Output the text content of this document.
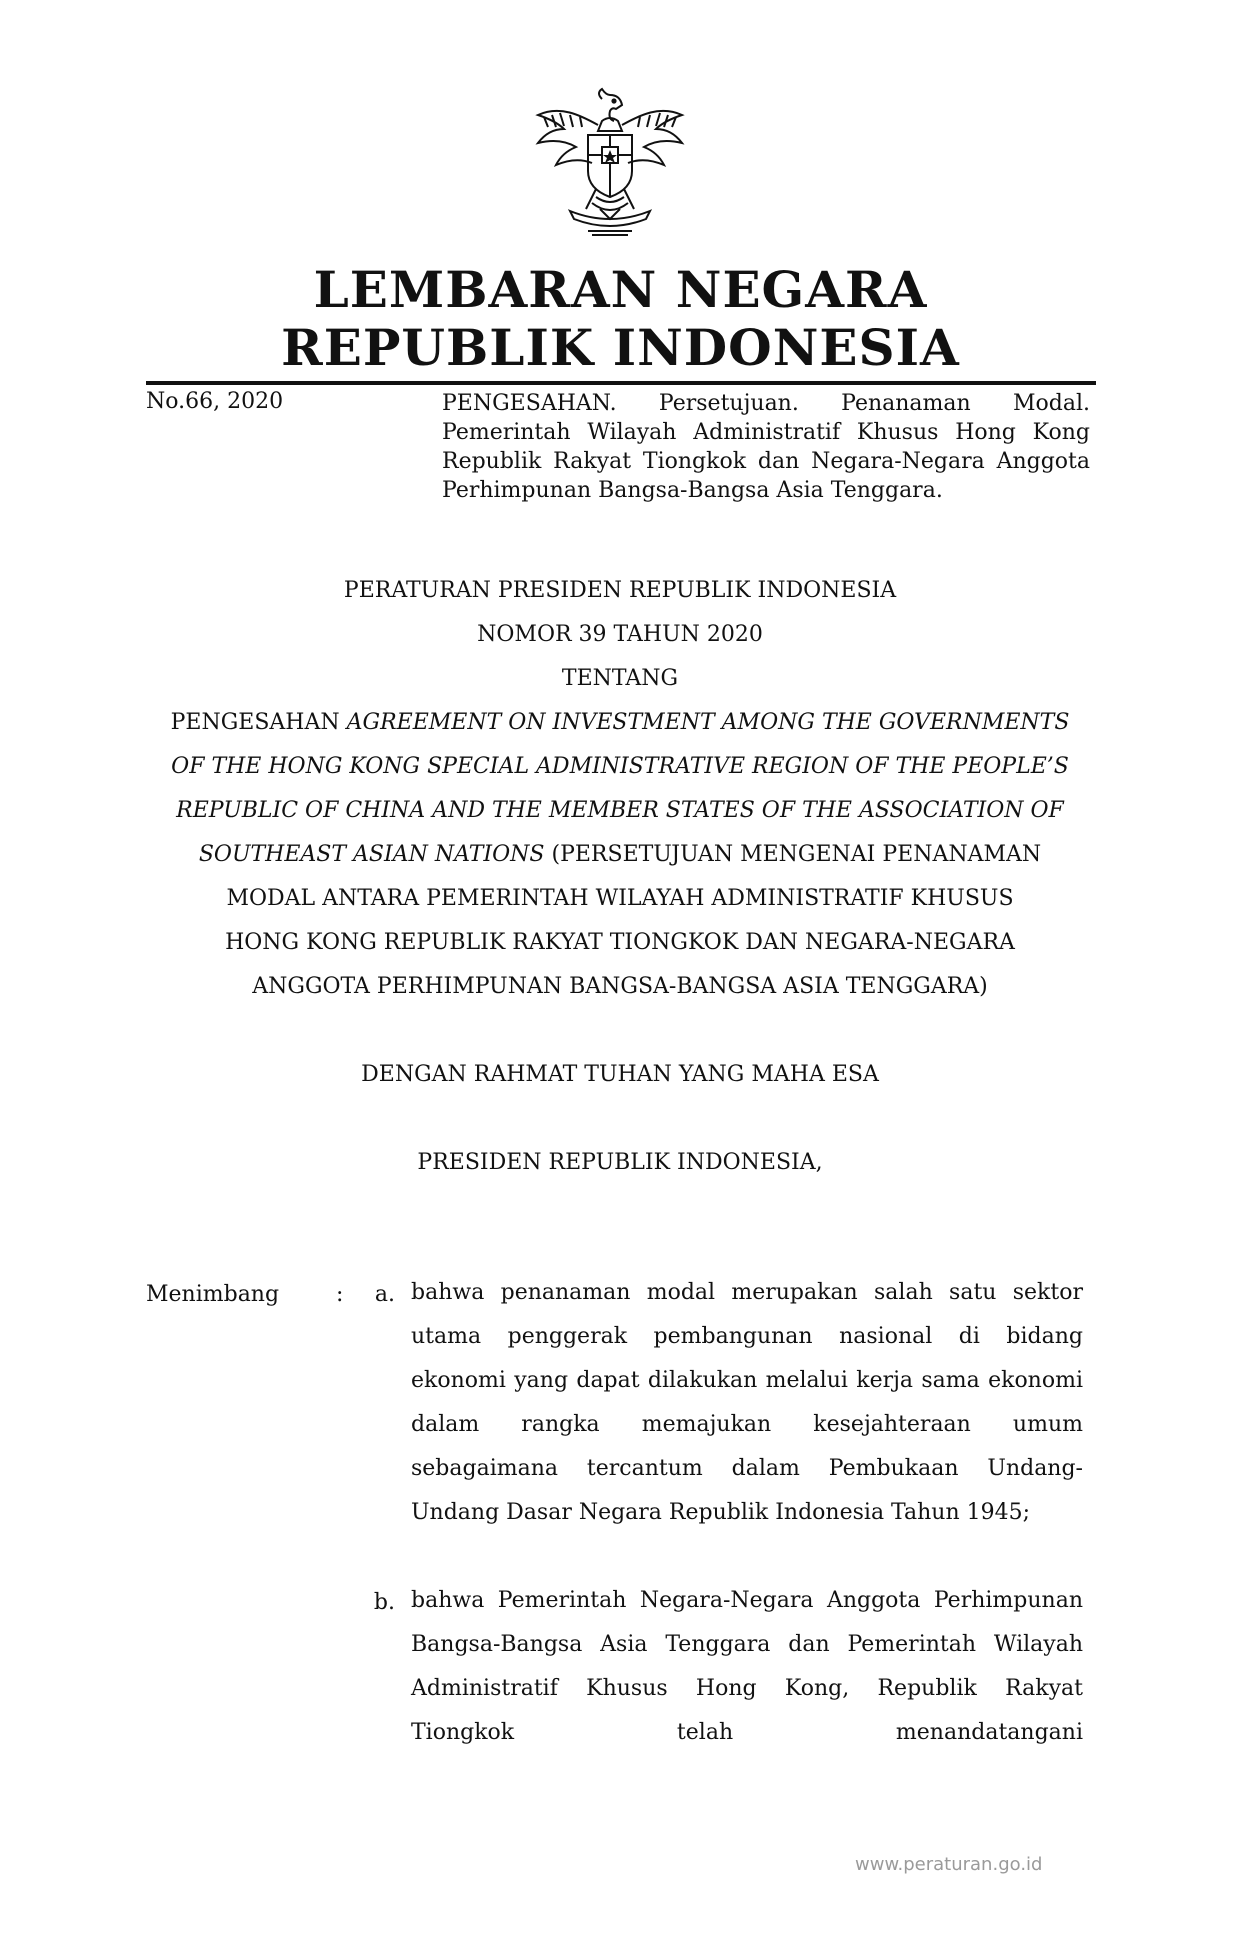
LEMBARAN NEGARA
REPUBLIK INDONESIA
No.66, 2020	PENGESAHAN. Persetujuan. Penanaman Modal. Pemerintah Wilayah Administratif Khusus Hong Kong Republik Rakyat Tiongkok dan Negara-Negara Anggota Perhimpunan Bangsa-Bangsa Asia Tenggara.
PERATURAN PRESIDEN REPUBLIK INDONESIA
NOMOR 39 TAHUN 2020
TENTANG
PENGESAHAN AGREEMENT ON INVESTMENT AMONG THE GOVERNMENTS
OF THE HONG KONG SPECIAL ADMINISTRATIVE REGION OF THE PEOPLE’S
REPUBLIC OF CHINA AND THE MEMBER STATES OF THE ASSOCIATION OF
SOUTHEAST ASIAN NATIONS (PERSETUJUAN MENGENAI PENANAMAN
MODAL ANTARA PEMERINTAH WILAYAH ADMINISTRATIF KHUSUS
HONG KONG REPUBLIK RAKYAT TIONGKOK DAN NEGARA-NEGARA
ANGGOTA PERHIMPUNAN BANGSA-BANGSA ASIA TENGGARA)
DENGAN RAHMAT TUHAN YANG MAHA ESA
PRESIDEN REPUBLIK INDONESIA,
Menimbang	:	a. bahwa penanaman modal merupakan salah satu sektor utama penggerak pembangunan nasional di bidang ekonomi yang dapat dilakukan melalui kerja sama ekonomi dalam rangka memajukan kesejahteraan umum sebagaimana tercantum dalam Pembukaan Undang-Undang Dasar Negara Republik Indonesia Tahun 1945;
b. bahwa Pemerintah Negara-Negara Anggota Perhimpunan Bangsa-Bangsa Asia Tenggara dan Pemerintah Wilayah Administratif Khusus Hong Kong, Republik Rakyat Tiongkok telah menandatangani
www.peraturan.go.id
